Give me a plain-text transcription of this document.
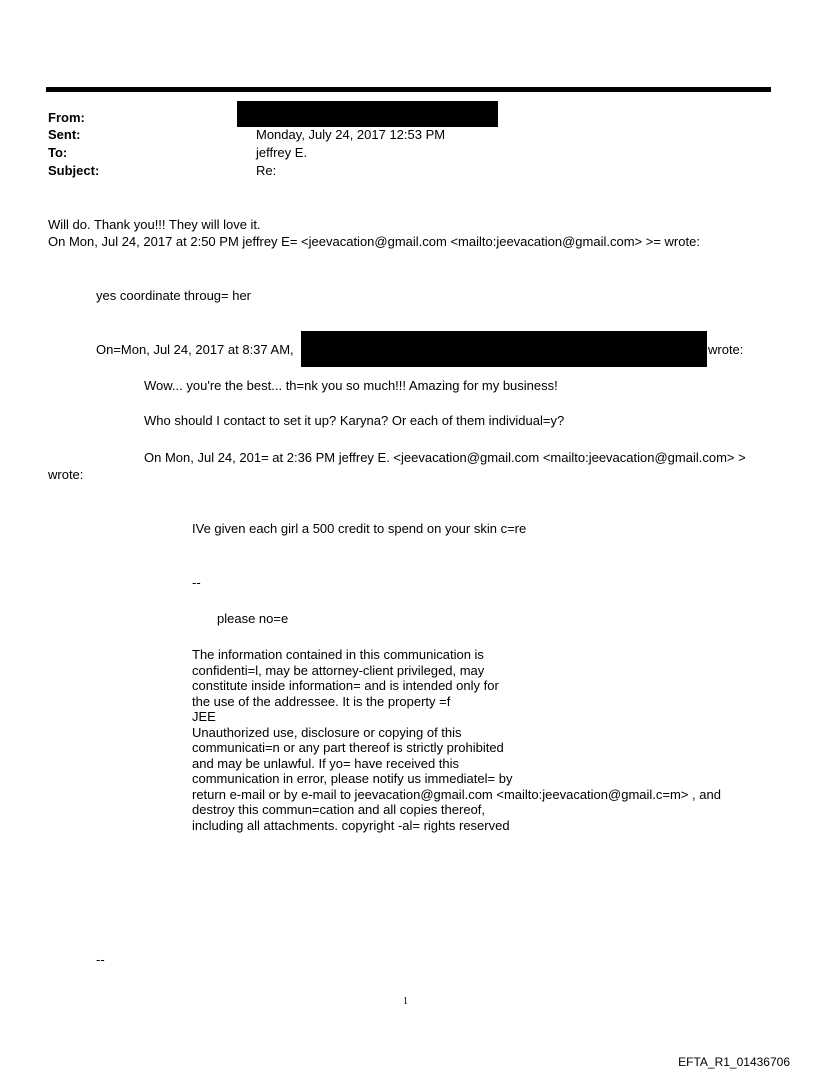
From:
Sent:	Monday, July 24, 2017 12:53 PM
To:	jeffrey E.
Subject:	Re:
Will do. Thank you!!! They will love it.
On Mon, Jul 24, 2017 at 2:50 PM jeffrey E= <jeevacation@gmail.com <mailto:jeevacation@gmail.com> >= wrote:
yes coordinate throug= her
On=Mon, Jul 24, 2017 at 8:37 AM,	wrote:
Wow... you're the best... th=nk you so much!!! Amazing for my business!
Who should I contact to set it up? Karyna? Or each of them individual=y?
On Mon, Jul 24, 201= at 2:36 PM jeffrey E. <jeevacation@gmail.com <mailto:jeevacation@gmail.com> >
wrote:
IVe given each girl a 500 credit to spend on your skin c=re
--
please no=e
The information contained in this communication is
confidenti=l, may be attorney-client privileged, may
constitute inside information= and is intended only for
the use of the addressee. It is the property =f
JEE
Unauthorized use, disclosure or copying of this
communicati=n or any part thereof is strictly prohibited
and may be unlawful. If yo= have received this
communication in error, please notify us immediatel= by
return e-mail or by e-mail to jeevacation@gmail.com <mailto:jeevacation@gmail.c=m> , and
destroy this commun=cation and all copies thereof,
including all attachments. copyright -al= rights reserved
--
1
EFTA_R1_01436706
